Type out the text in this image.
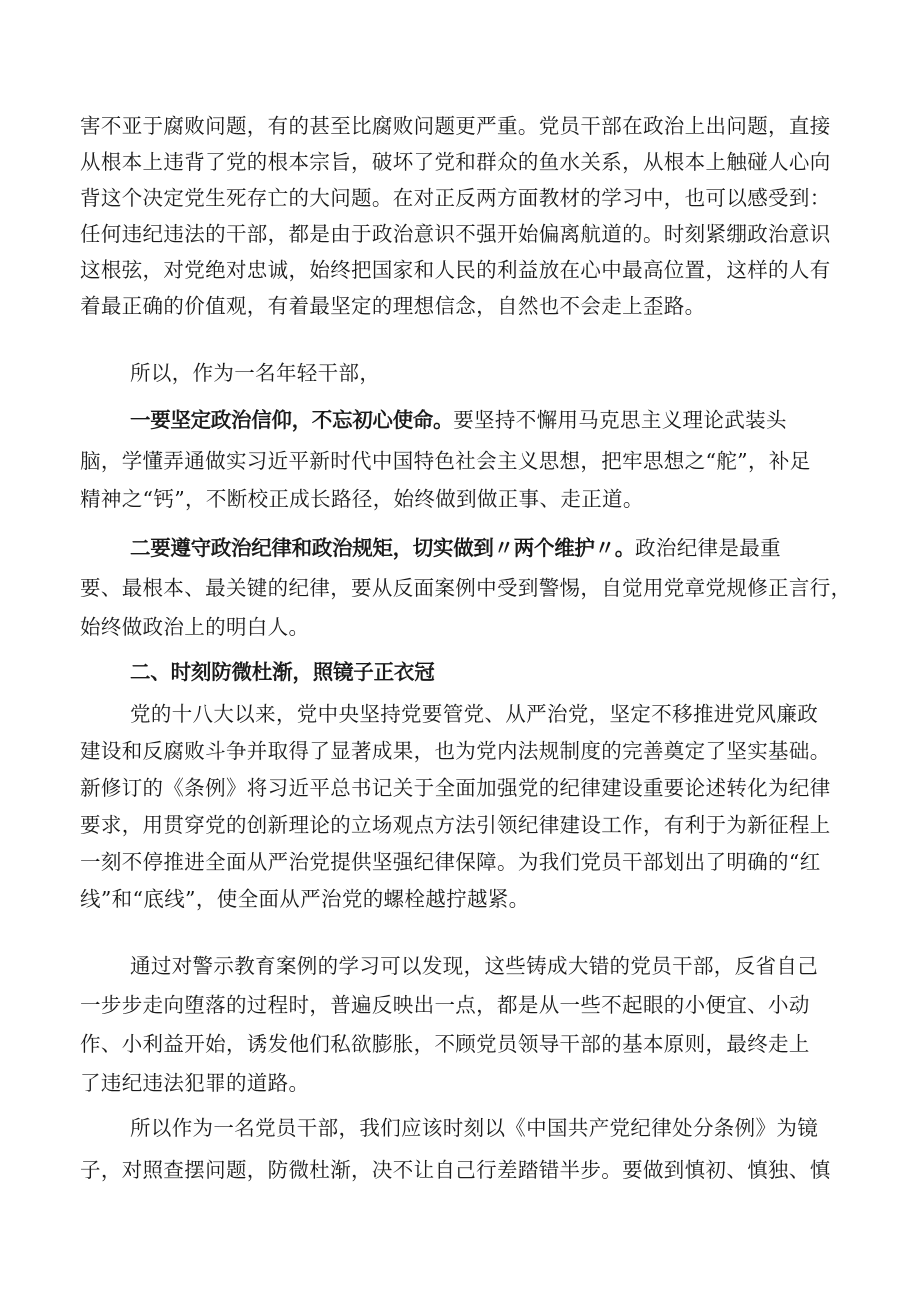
害不亚于腐败问题，有的甚至比腐败问题更严重。党员干部在政治上出问题，直接
从根本上违背了党的根本宗旨，破坏了党和群众的鱼水关系，从根本上触碰人心向
背这个决定党生死存亡的大问题。在对正反两方面教材的学习中，也可以感受到：
任何违纪违法的干部，都是由于政治意识不强开始偏离航道的。时刻紧绷政治意识
这根弦，对党绝对忠诚，始终把国家和人民的利益放在心中最高位置，这样的人有
着最正确的价值观，有着最坚定的理想信念，自然也不会走上歪路。
所以，作为一名年轻干部，
一要坚定政治信仰，不忘初心使命。要坚持不懈用马克思主义理论武装头
脑，学懂弄通做实习近平新时代中国特色社会主义思想，把牢思想之“舵”，补足
精神之“钙”，不断校正成长路径，始终做到做正事、走正道。
二要遵守政治纪律和政治规矩，切实做到〃两个维护〃。政治纪律是最重
要、最根本、最关键的纪律，要从反面案例中受到警惕，自觉用党章党规修正言行，
始终做政治上的明白人。
二、时刻防微杜渐，照镜子正衣冠
党的十八大以来，党中央坚持党要管党、从严治党，坚定不移推进党风廉政
建设和反腐败斗争并取得了显著成果，也为党内法规制度的完善奠定了坚实基础。
新修订的《条例》将习近平总书记关于全面加强党的纪律建设重要论述转化为纪律
要求，用贯穿党的创新理论的立场观点方法引领纪律建设工作，有利于为新征程上
一刻不停推进全面从严治党提供坚强纪律保障。为我们党员干部划出了明确的“红
线”和“底线”，使全面从严治党的螺栓越拧越紧。
通过对警示教育案例的学习可以发现，这些铸成大错的党员干部，反省自己
一步步走向堕落的过程时，普遍反映出一点，都是从一些不起眼的小便宜、小动
作、小利益开始，诱发他们私欲膨胀，不顾党员领导干部的基本原则，最终走上
了违纪违法犯罪的道路。
所以作为一名党员干部，我们应该时刻以《中国共产党纪律处分条例》为镜
子，对照查摆问题，防微杜渐，决不让自己行差踏错半步。要做到慎初、慎独、慎
